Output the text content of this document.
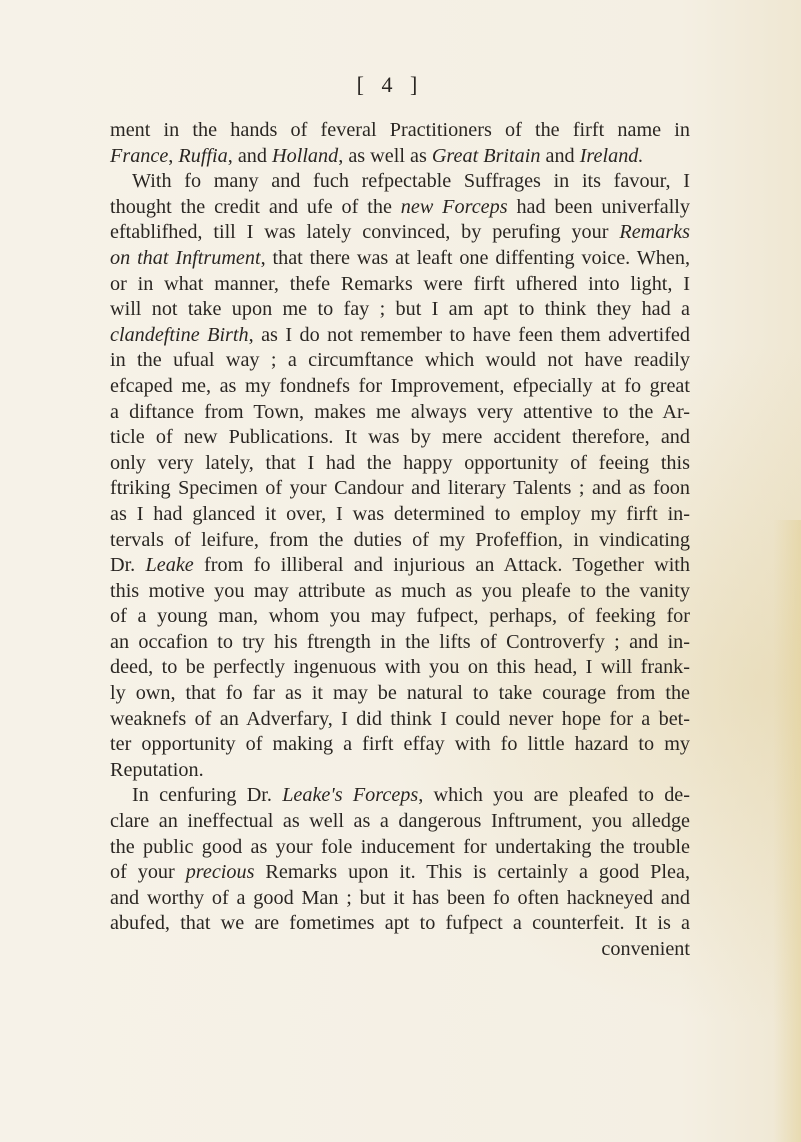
[ 4 ]
ment in the hands of feveral Practitioners of the firft name in
France, Ruffia, and Holland, as well as Great Britain and Ireland.
With fo many and fuch refpectable Suffrages in its favour, I
thought the credit and ufe of the new Forceps had been univerfally
eftablifhed, till I was lately convinced, by perufing your Remarks
on that Inftrument, that there was at leaft one diffenting voice. When,
or in what manner, thefe Remarks were firft ufhered into light, I
will not take upon me to fay ; but I am apt to think they had a
clandeftine Birth, as I do not remember to have feen them advertifed
in the ufual way ; a circumftance which would not have readily
efcaped me, as my fondnefs for Improvement, efpecially at fo great
a diftance from Town, makes me always very attentive to the Ar-
ticle of new Publications. It was by mere accident therefore, and
only very lately, that I had the happy opportunity of feeing this
ftriking Specimen of your Candour and literary Talents ; and as foon
as I had glanced it over, I was determined to employ my firft in-
tervals of leifure, from the duties of my Profeffion, in vindicating
Dr. Leake from fo illiberal and injurious an Attack. Together with
this motive you may attribute as much as you pleafe to the vanity
of a young man, whom you may fufpect, perhaps, of feeking for
an occafion to try his ftrength in the lifts of Controverfy ; and in-
deed, to be perfectly ingenuous with you on this head, I will frank-
ly own, that fo far as it may be natural to take courage from the
weaknefs of an Adverfary, I did think I could never hope for a bet-
ter opportunity of making a firft effay with fo little hazard to my
Reputation.
In cenfuring Dr. Leake's Forceps, which you are pleafed to de-
clare an ineffectual as well as a dangerous Inftrument, you alledge
the public good as your fole inducement for undertaking the trouble
of your precious Remarks upon it. This is certainly a good Plea,
and worthy of a good Man ; but it has been fo often hackneyed and
abufed, that we are fometimes apt to fufpect a counterfeit. It is a
convenient
